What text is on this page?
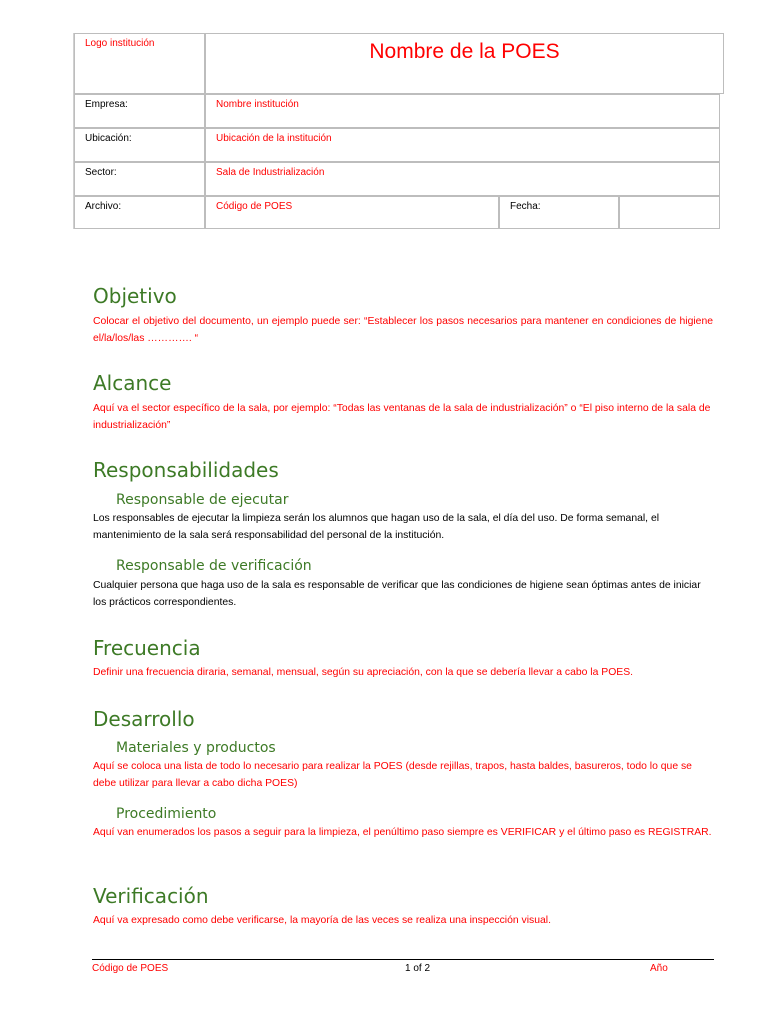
Logo institución	Nombre de la POES
Empresa:	Nombre institución
Ubicación:	Ubicación de la institución
Sector:	Sala de Industrialización
Archivo:	Código de POES	Fecha:
Objetivo

Colocar el objetivo del documento, un ejemplo puede ser: “Establecer los pasos necesarios para mantener en condiciones de higiene el/la/los/las …………. “

Alcance

Aquí va el sector específico de la sala, por ejemplo: “Todas las ventanas de la sala de industrialización” o “El piso interno de la sala de industrialización”

Responsabilidades
Responsable de ejecutar

Los responsables de ejecutar la limpieza serán los alumnos que hagan uso de la sala, el día del uso. De forma semanal, el mantenimiento de la sala será responsabilidad del personal de la institución.

Responsable de verificación

Cualquier persona que haga uso de la sala es responsable de verificar que las condiciones de higiene sean óptimas antes de iniciar los prácticos correspondientes.

Frecuencia

Definir una frecuencia diraria, semanal, mensual, según su apreciación, con la que se debería llevar a cabo la POES.

Desarrollo
Materiales y productos

Aquí se coloca una lista de todo lo necesario para realizar la POES (desde rejillas, trapos, hasta baldes, basureros, todo lo que se debe utilizar para llevar a cabo dicha POES)

Procedimiento

Aquí van enumerados los pasos a seguir para la limpieza, el penúltimo paso siempre es VERIFICAR y el último paso es REGISTRAR.

Verificación

Aquí va expresado como debe verificarse, la mayoría de las veces se realiza una inspección visual.

Código de POES	1 of 2	Año
